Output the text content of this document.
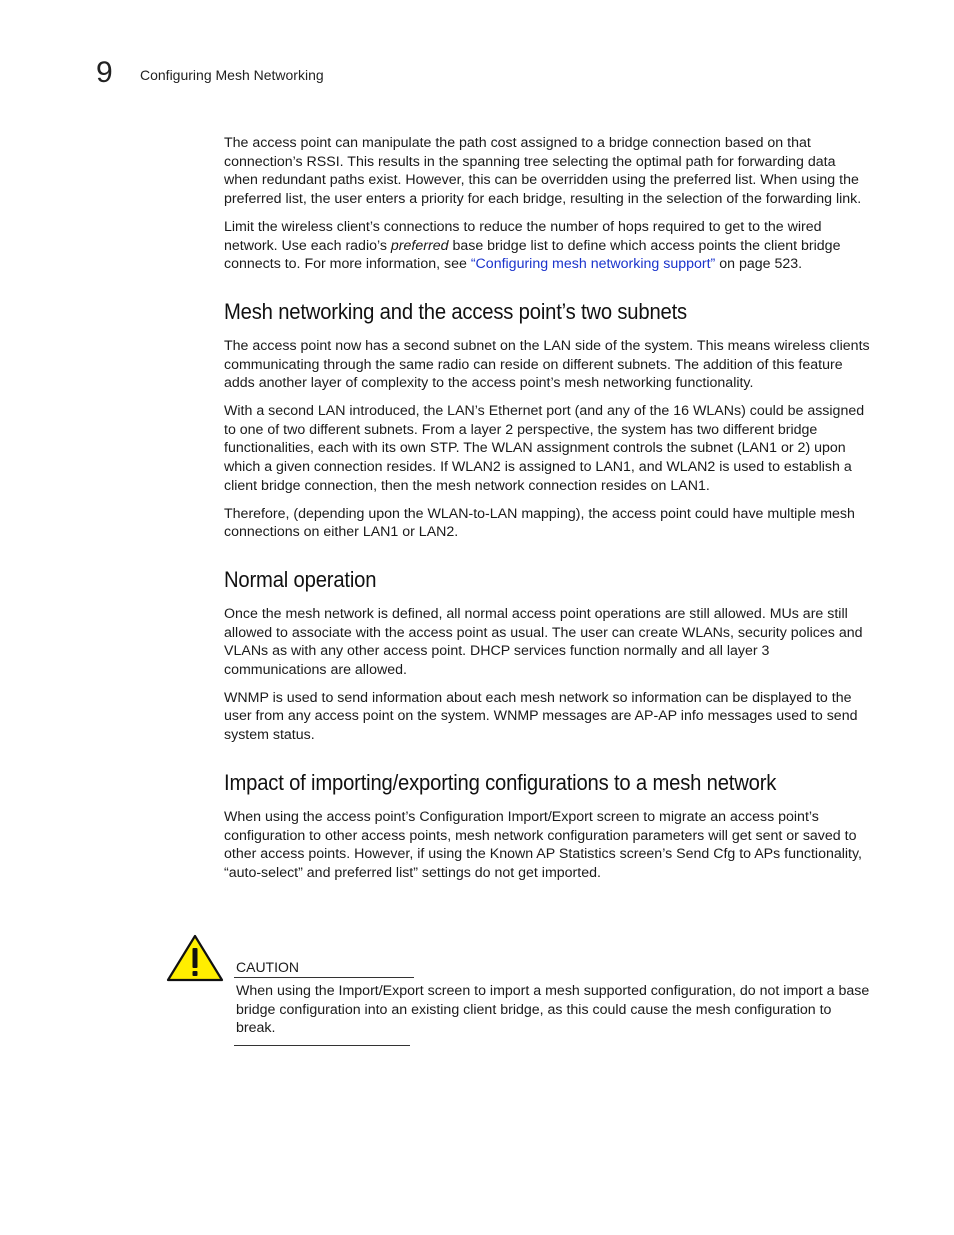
9 Configuring Mesh Networking

The access point can manipulate the path cost assigned to a bridge connection based on that connection’s RSSI. This results in the spanning tree selecting the optimal path for forwarding data when redundant paths exist. However, this can be overridden using the preferred list. When using the preferred list, the user enters a priority for each bridge, resulting in the selection of the forwarding link.

Limit the wireless client’s connections to reduce the number of hops required to get to the wired network. Use each radio’s preferred base bridge list to define which access points the client bridge connects to. For more information, see “Configuring mesh networking support” on page 523.

Mesh networking and the access point’s two subnets

The access point now has a second subnet on the LAN side of the system. This means wireless clients communicating through the same radio can reside on different subnets. The addition of this feature adds another layer of complexity to the access point’s mesh networking functionality.

With a second LAN introduced, the LAN’s Ethernet port (and any of the 16 WLANs) could be assigned to one of two different subnets. From a layer 2 perspective, the system has two different bridge functionalities, each with its own STP. The WLAN assignment controls the subnet (LAN1 or 2) upon which a given connection resides. If WLAN2 is assigned to LAN1, and WLAN2 is used to establish a client bridge connection, then the mesh network connection resides on LAN1.

Therefore, (depending upon the WLAN-to-LAN mapping), the access point could have multiple mesh connections on either LAN1 or LAN2.

Normal operation

Once the mesh network is defined, all normal access point operations are still allowed. MUs are still allowed to associate with the access point as usual. The user can create WLANs, security polices and VLANs as with any other access point. DHCP services function normally and all layer 3 communications are allowed.

WNMP is used to send information about each mesh network so information can be displayed to the user from any access point on the system. WNMP messages are AP-AP info messages used to send system status.

Impact of importing/exporting configurations to a mesh network

When using the access point’s Configuration Import/Export screen to migrate an access point’s configuration to other access points, mesh network configuration parameters will get sent or saved to other access points. However, if using the Known AP Statistics screen’s Send Cfg to APs functionality, “auto-select” and preferred list” settings do not get imported.

CAUTION

When using the Import/Export screen to import a mesh supported configuration, do not import a base bridge configuration into an existing client bridge, as this could cause the mesh configuration to break.
